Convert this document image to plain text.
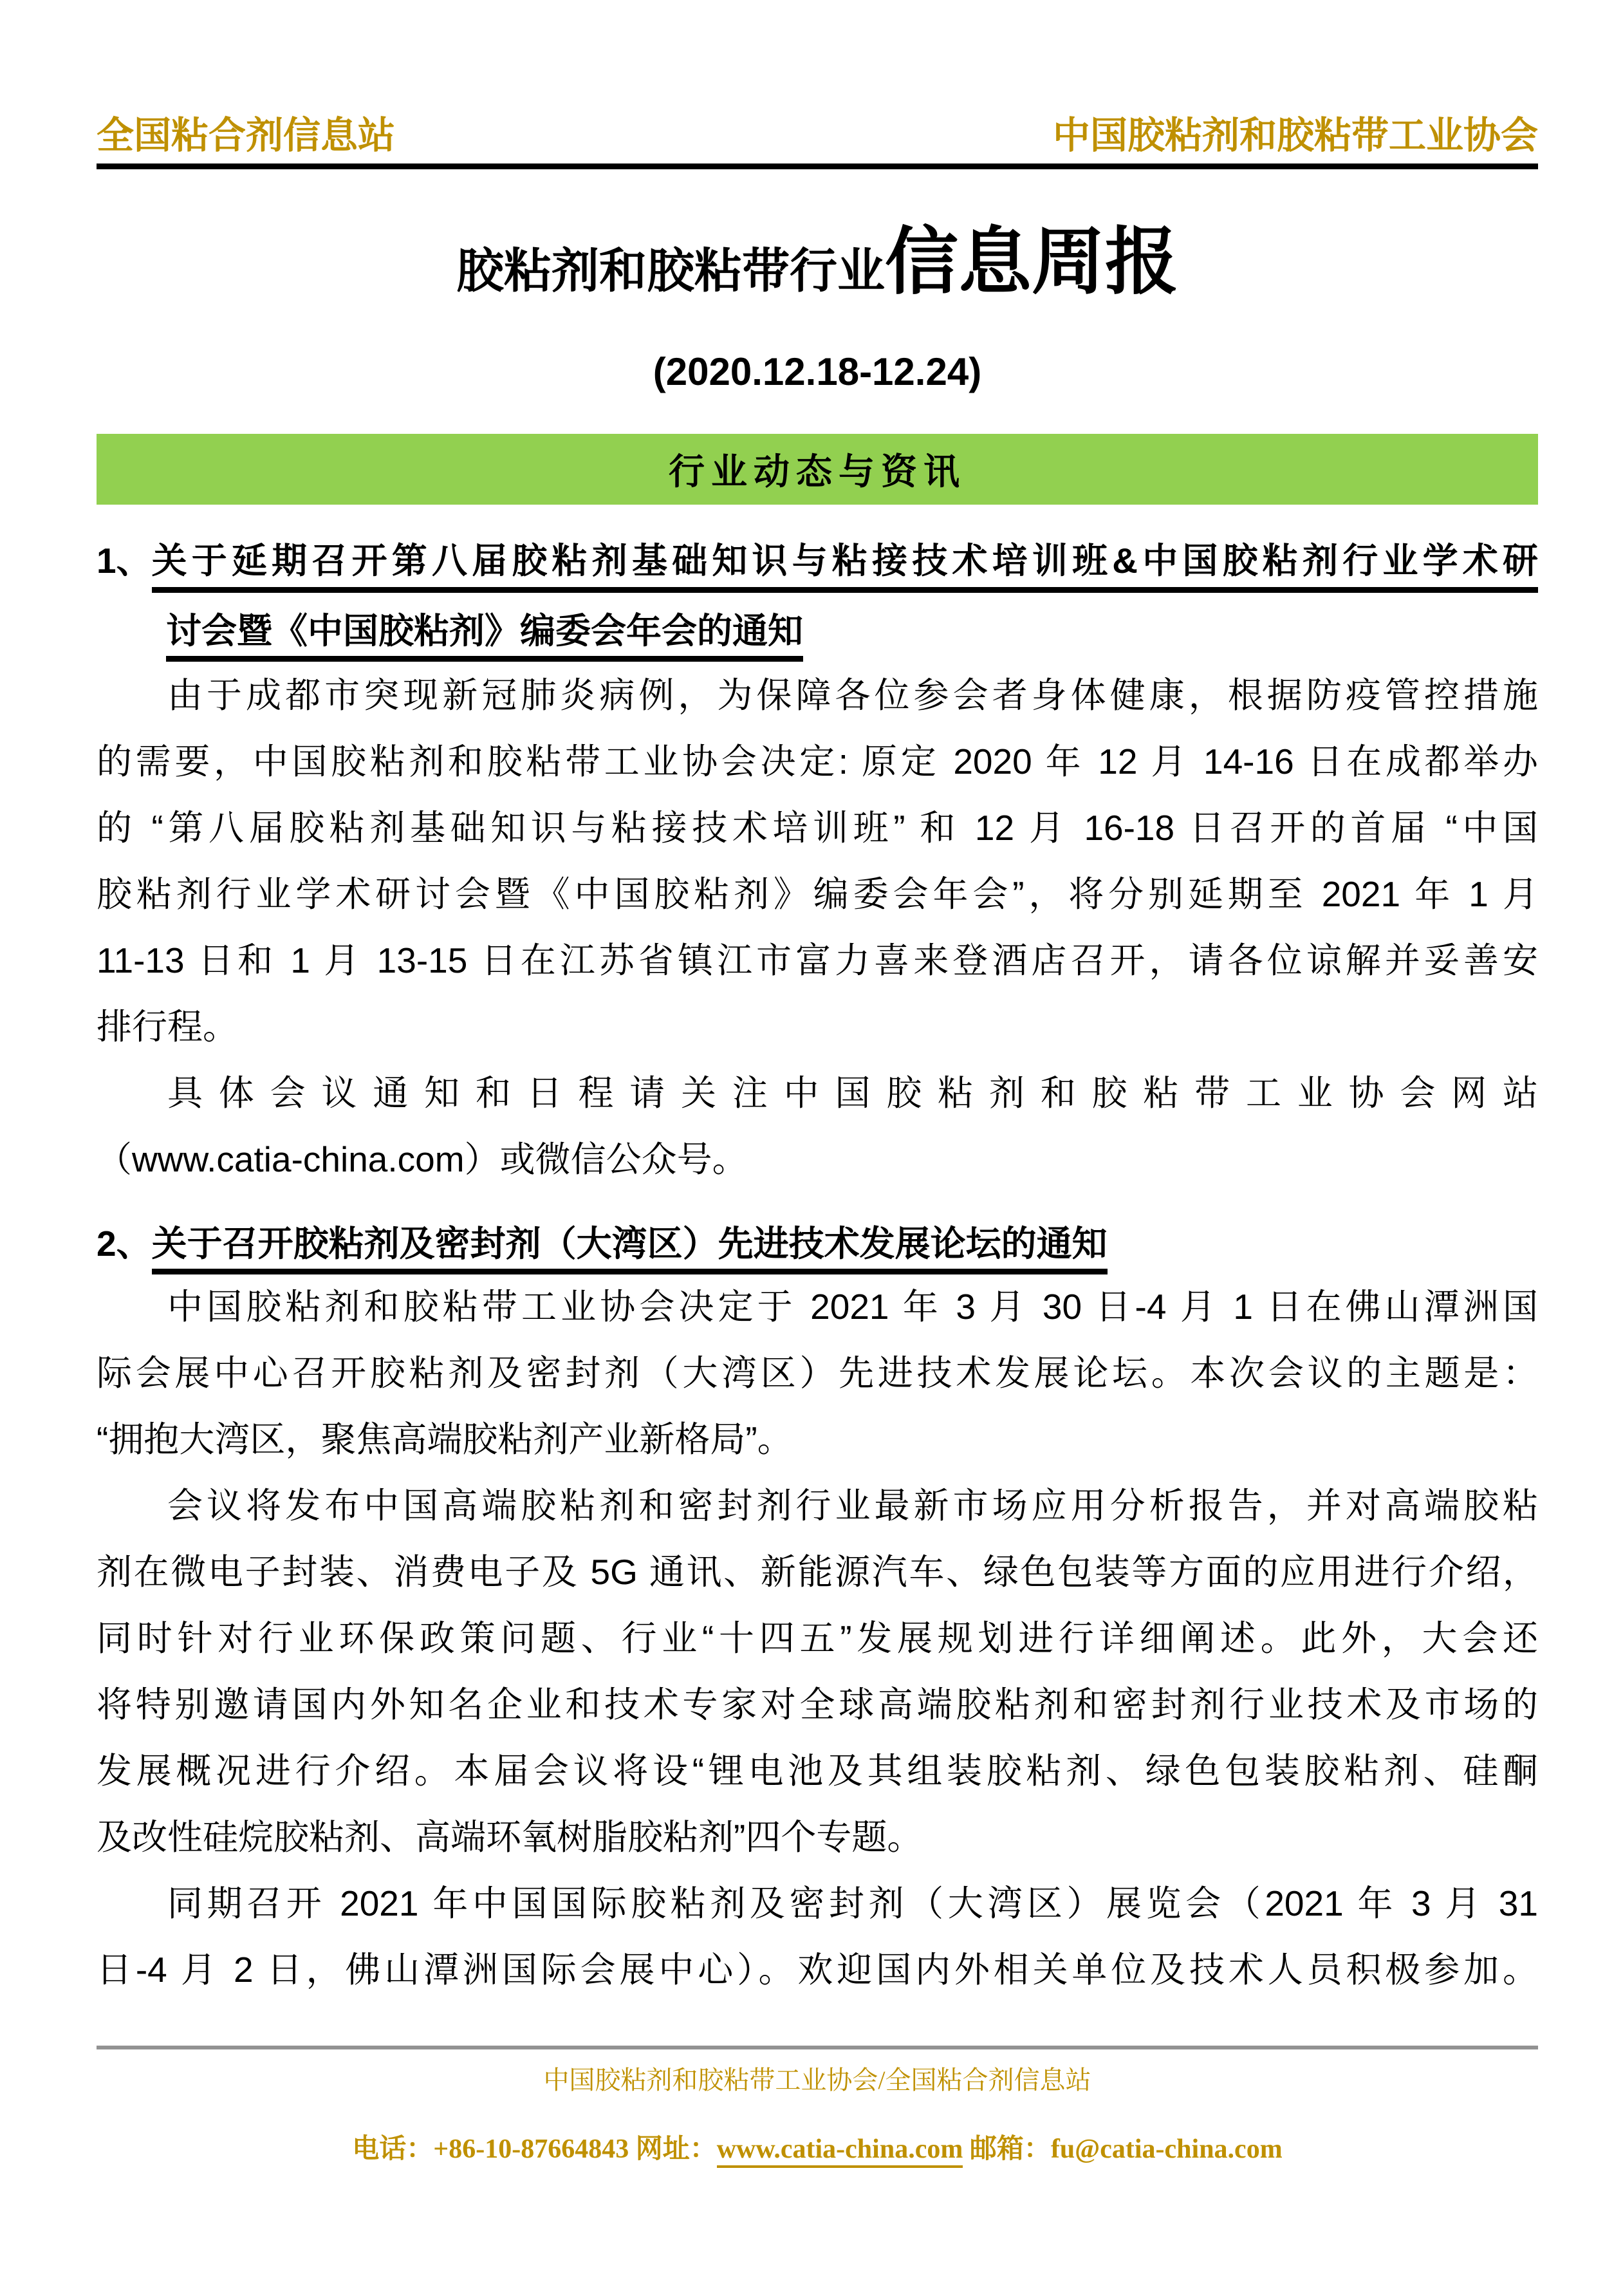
全国粘合剂信息站	中国胶粘剂和胶粘带工业协会
胶粘剂和胶粘带行业信息周报
(2020.12.18-12.24)
行业动态与资讯
1、 关于延期召开第八届胶粘剂基础知识与粘接技术培训班&中国胶粘剂行业学术研
讨会暨《中国胶粘剂》编委会年会的通知
由于成都市突现新冠肺炎病例，为保障各位参会者身体健康，根据防疫管控措施
的需要，中国胶粘剂和胶粘带工业协会决定: 原定 2020 年 12 月 14-16 日在成都举办
的 “第八届胶粘剂基础知识与粘接技术培训班” 和 12 月 16-18 日召开的首届 “中国
胶粘剂行业学术研讨会暨《中国胶粘剂》编委会年会”，将分别延期至 2021 年 1 月
11-13 日和 1 月 13-15 日在江苏省镇江市富力喜来登酒店召开，请各位谅解并妥善安
排行程。
具体会议通知和日程请关注中国胶粘剂和胶粘带工业协会网站
（www.catia-china.com）或微信公众号。
2、关于召开胶粘剂及密封剂（大湾区）先进技术发展论坛的通知
中国胶粘剂和胶粘带工业协会决定于 2021 年 3 月 30 日-4 月 1 日在佛山潭洲国
际会展中心召开胶粘剂及密封剂（大湾区）先进技术发展论坛。本次会议的主题是：
“拥抱大湾区，聚焦高端胶粘剂产业新格局”。
会议将发布中国高端胶粘剂和密封剂行业最新市场应用分析报告，并对高端胶粘
剂在微电子封装、消费电子及 5G 通讯、新能源汽车、绿色包装等方面的应用进行介绍，
同时针对行业环保政策问题、行业“十四五”发展规划进行详细阐述。此外，大会还
将特别邀请国内外知名企业和技术专家对全球高端胶粘剂和密封剂行业技术及市场的
发展概况进行介绍。本届会议将设“锂电池及其组装胶粘剂、绿色包装胶粘剂、硅酮
及改性硅烷胶粘剂、高端环氧树脂胶粘剂”四个专题。
同期召开 2021 年中国国际胶粘剂及密封剂（大湾区）展览会（2021 年 3 月 31
日-4 月 2 日，佛山潭洲国际会展中心）。欢迎国内外相关单位及技术人员积极参加。
中国胶粘剂和胶粘带工业协会/全国粘合剂信息站
电话：+86-10-87664843 网址：www.catia-china.com 邮箱：fu@catia-china.com
